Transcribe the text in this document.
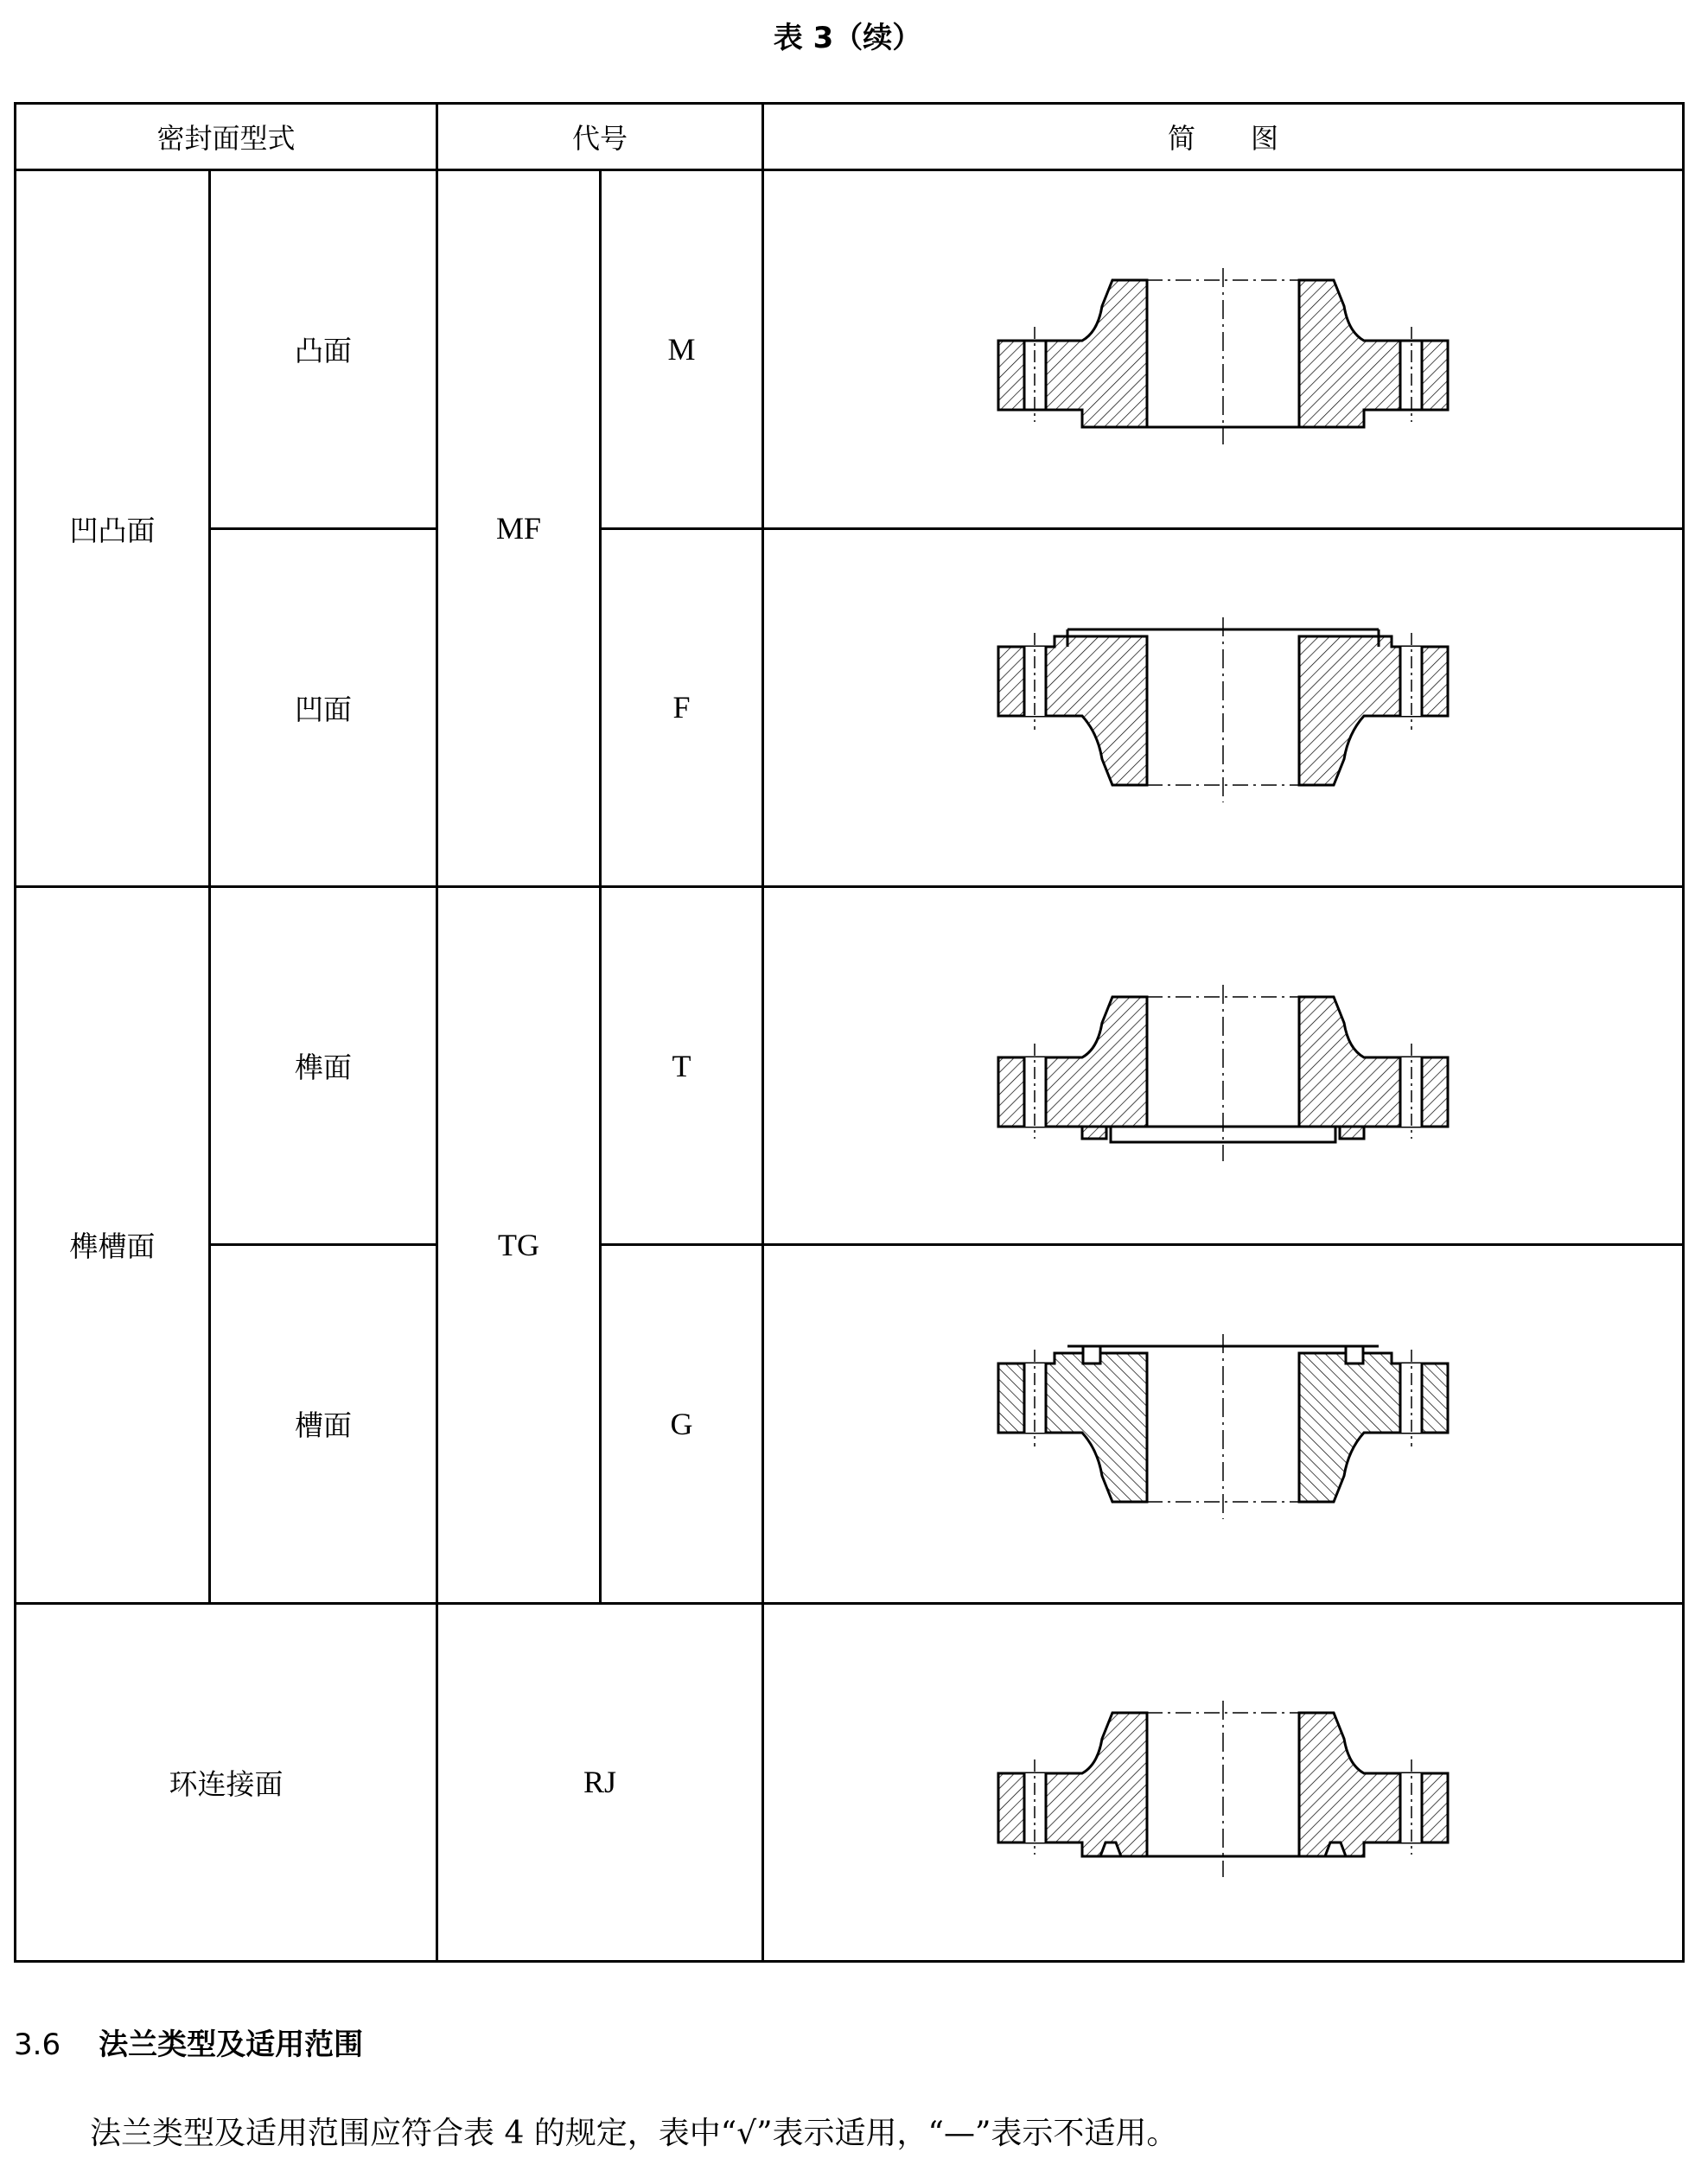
表 3（续）
密封面型式		代号		简　　图
凹凸面	凸面	MF	M	

	凹面		F	

榫槽面	榫面	TG	T	

	槽面		G	

环连接面		RJ	
3.6 法兰类型及适用范围
法兰类型及适用范围应符合表 4 的规定，表中“√”表示适用，“—”表示不适用。
